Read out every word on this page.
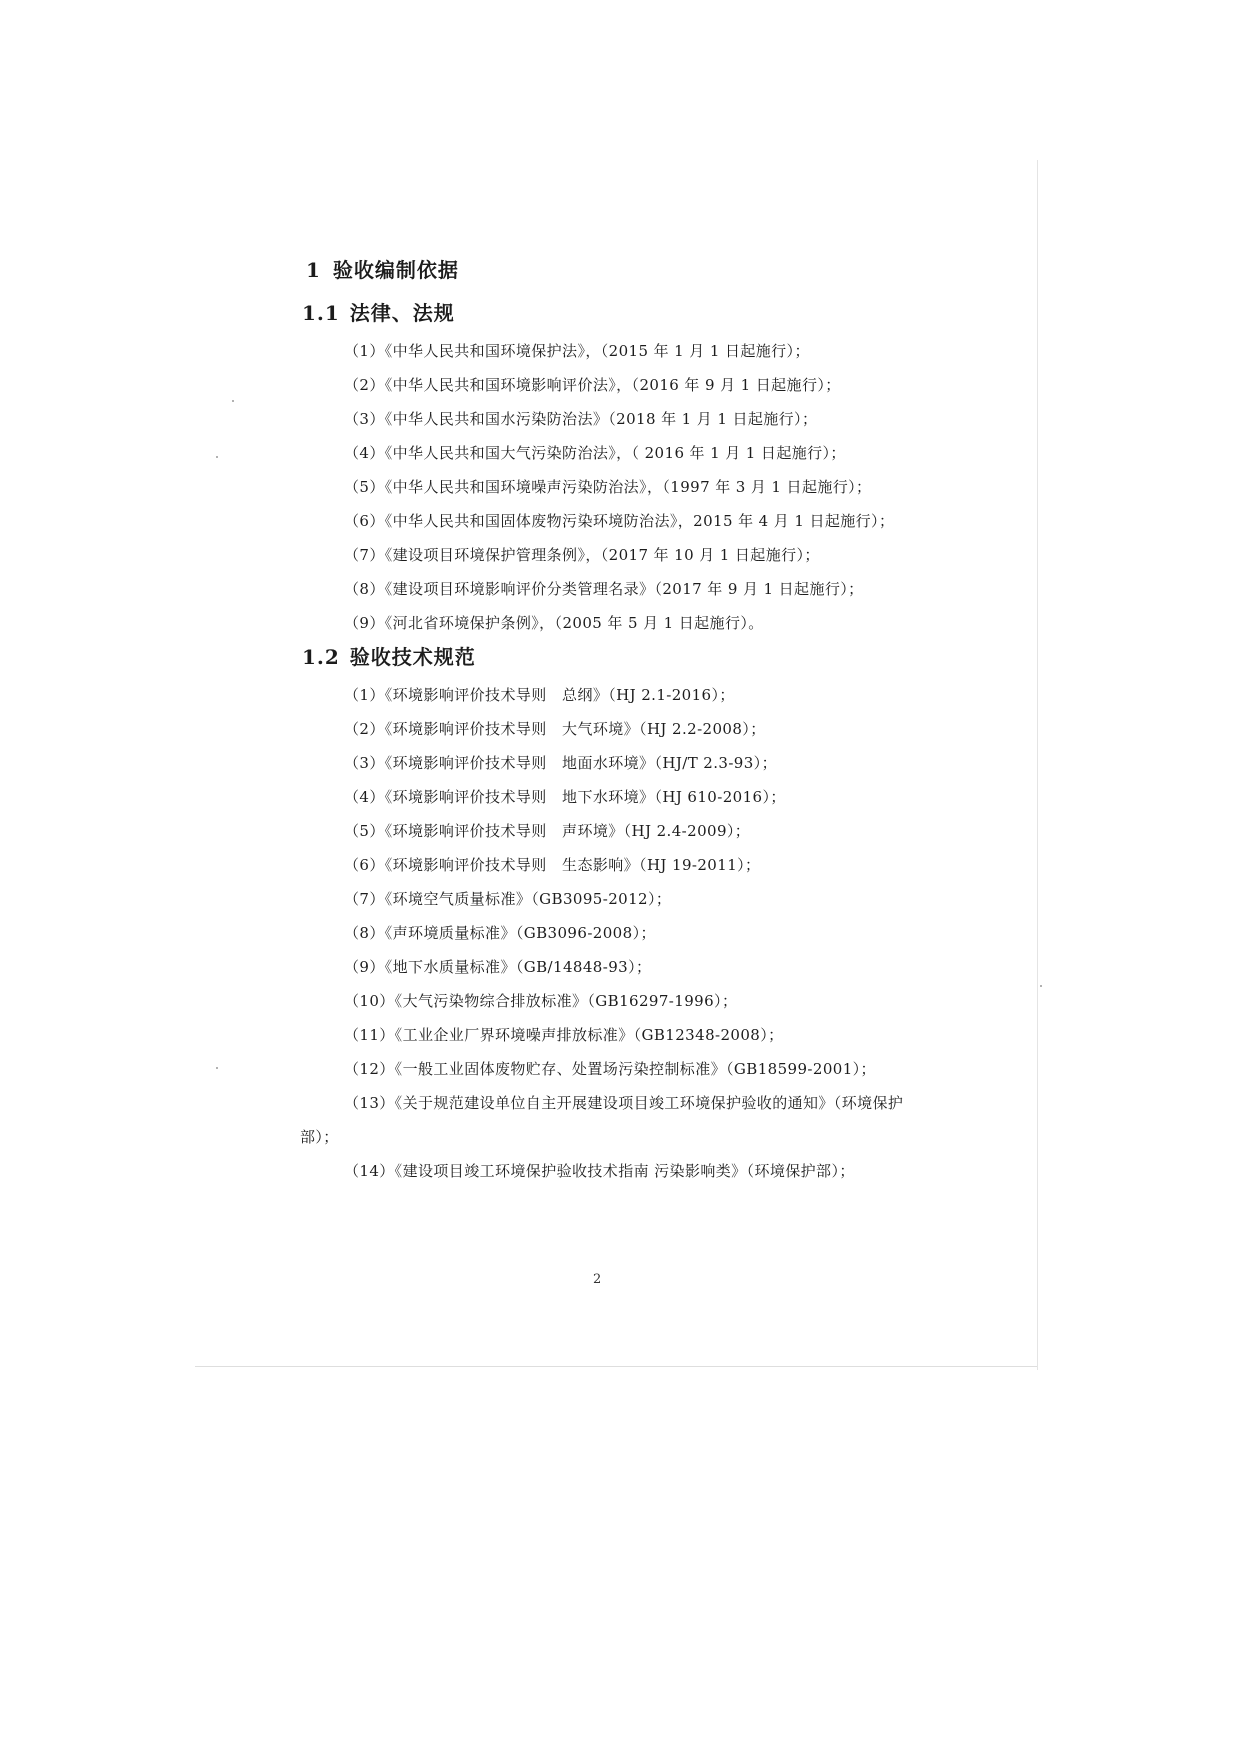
1 验收编制依据
1.1 法律、法规
（1）《中华人民共和国环境保护法》，（2015 年 1 月 1 日起施行）；
（2）《中华人民共和国环境影响评价法》，（2016 年 9 月 1 日起施行）；
（3）《中华人民共和国水污染防治法》（2018 年 1 月 1 日起施行）；
（4）《中华人民共和国大气污染防治法》，（ 2016 年 1 月 1 日起施行）；
（5）《中华人民共和国环境噪声污染防治法》，（1997 年 3 月 1 日起施行）；
（6）《中华人民共和国固体废物污染环境防治法》，2015 年 4 月 1 日起施行）；
（7）《建设项目环境保护管理条例》，（2017 年 10 月 1 日起施行）；
（8）《建设项目环境影响评价分类管理名录》（2017 年 9 月 1 日起施行）；
（9）《河北省环境保护条例》，（2005 年 5 月 1 日起施行）。
1.2 验收技术规范
（1）《环境影响评价技术导则　总纲》（HJ 2.1-2016）；
（2）《环境影响评价技术导则　大气环境》（HJ 2.2-2008）；
（3）《环境影响评价技术导则　地面水环境》（HJ/T 2.3-93）；
（4）《环境影响评价技术导则　地下水环境》（HJ 610-2016）；
（5）《环境影响评价技术导则　声环境》（HJ 2.4-2009）；
（6）《环境影响评价技术导则　生态影响》（HJ 19-2011）；
（7）《环境空气质量标准》（GB3095-2012）；
（8）《声环境质量标准》（GB3096-2008）；
（9）《地下水质量标准》（GB/14848-93）；
（10）《大气污染物综合排放标准》（GB16297-1996）；
（11）《工业企业厂界环境噪声排放标准》（GB12348-2008）；
（12）《一般工业固体废物贮存、处置场污染控制标准》（GB18599-2001）；
（13）《关于规范建设单位自主开展建设项目竣工环境保护验收的通知》（环境保护部）；
（14）《建设项目竣工环境保护验收技术指南 污染影响类》（环境保护部）；
2
